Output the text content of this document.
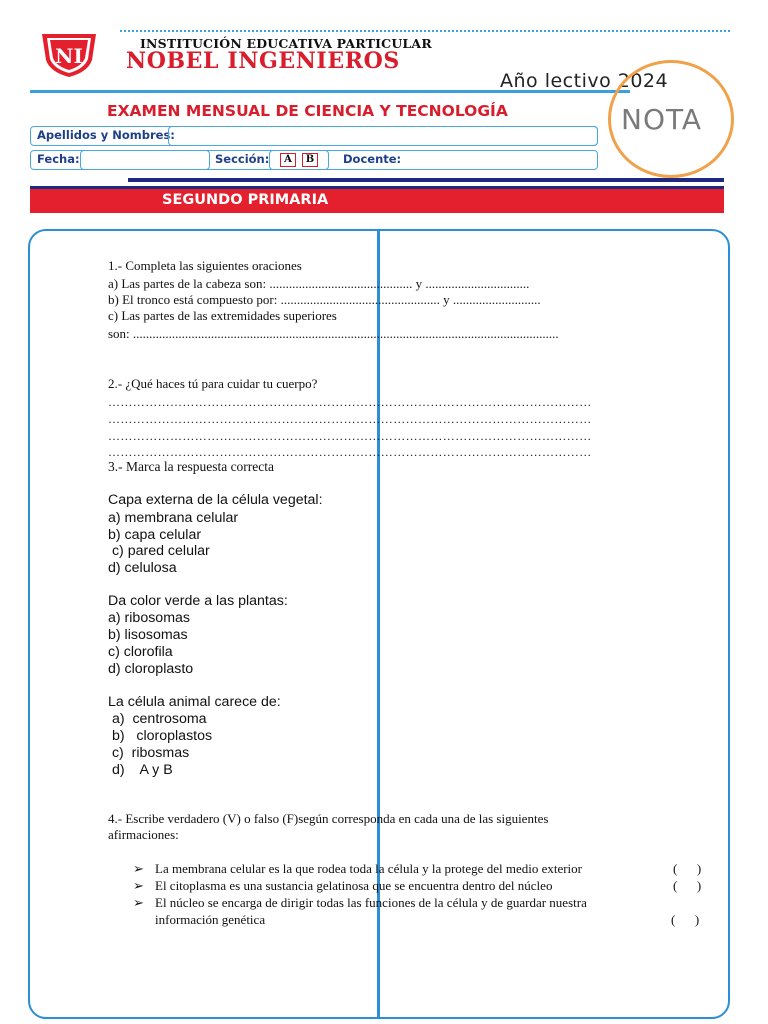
NI
INSTITUCIÓN EDUCATIVA PARTICULAR
NOBEL INGENIEROS
Año lectivo 2024
NOTA
EXAMEN MENSUAL DE CIENCIA Y TECNOLOGÍA
Apellidos y Nombres:
Fecha:	Sección:	A	B	Docente:
SEGUNDO PRIMARIA
1.- Completa las siguientes oraciones
a) Las partes de la cabeza son: ............................................ y ................................
b) El tronco está compuesto por: ................................................. y ...........................
c) Las partes de las extremidades superiores
son: ...................................................................................................................................
2.- ¿Qué haces tú para cuidar tu cuerpo?
………………………………………………………………………………………………………
………………………………………………………………………………………………………
………………………………………………………………………………………………………
………………………………………………………………………………………………………
3.- Marca la respuesta correcta
Capa externa de la célula vegetal:
a) membrana celular
b) capa celular
c) pared celular
d) celulosa
Da color verde a las plantas:
a) ribosomas
b) lisosomas
c) clorofila
d) cloroplasto
La célula animal carece de:
a)  centrosoma
b)   cloroplastos
c)  ribosmas
d)    A y B
4.- Escribe verdadero (V) o falso (F)según corresponda en cada una de las siguientes
afirmaciones:
➢ La membrana celular es la que rodea toda la célula y la protege del medio exterior	(      )
➢ El citoplasma es una sustancia gelatinosa que se encuentra dentro del núcleo	(      )
➢ El núcleo se encarga de dirigir todas las funciones de la célula y de guardar nuestra
información genética	(      )
